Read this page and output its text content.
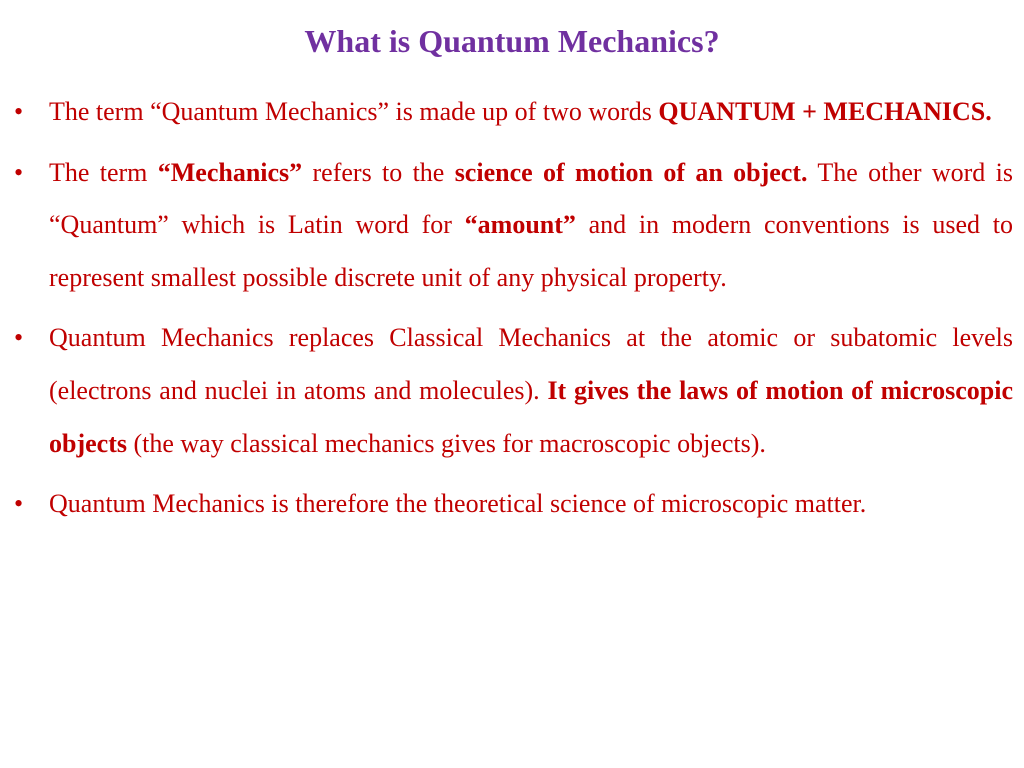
What is Quantum Mechanics?
• The term “Quantum Mechanics” is made up of two words QUANTUM + MECHANICS.
• The term “Mechanics” refers to the science of motion of an object. The other word is “Quantum” which is Latin word for “amount” and in modern conventions is used to represent smallest possible discrete unit of any physical property.
• Quantum Mechanics replaces Classical Mechanics at the atomic or subatomic levels (electrons and nuclei in atoms and molecules). It gives the laws of motion of microscopic objects (the way classical mechanics gives for macroscopic objects).
• Quantum Mechanics is therefore the theoretical science of microscopic matter.
